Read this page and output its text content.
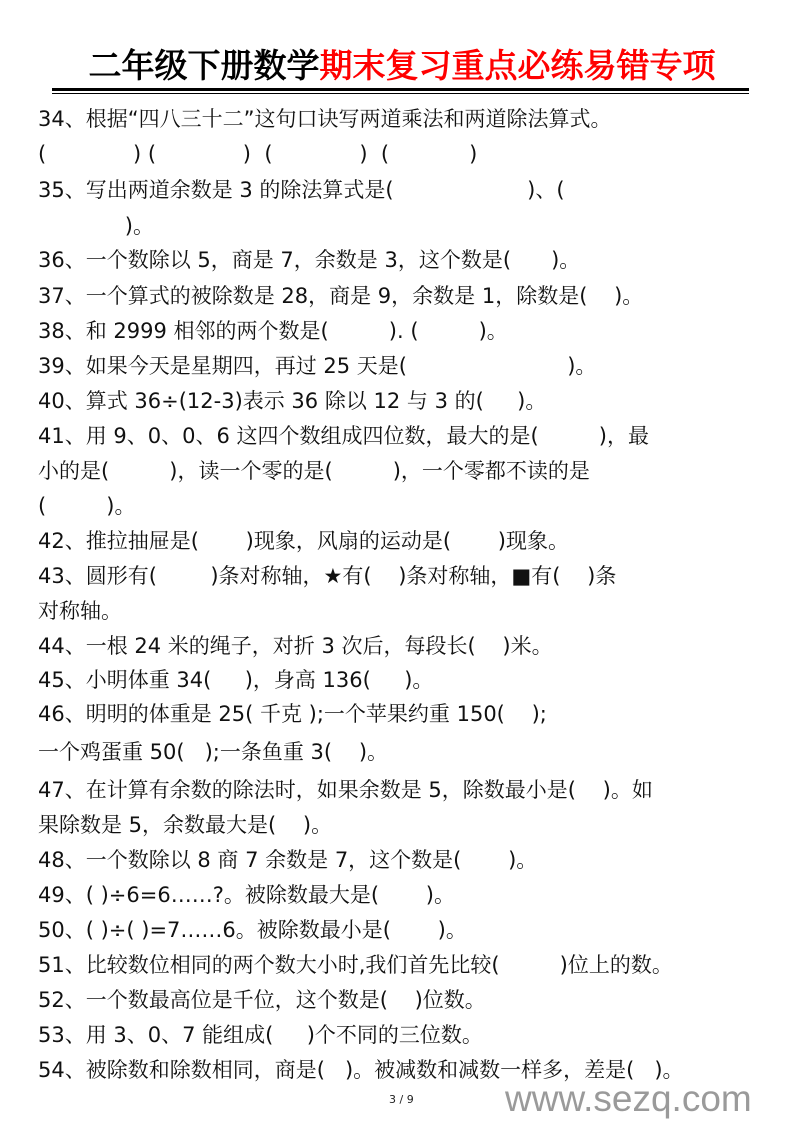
二年级下册数学期末复习重点必练易错专项
34、根据“四八三十二”这句口诀写两道乘法和两道除法算式。
(             ) (             )  (             )  (            )
35、写出两道余数是 3 的除法算式是(                    )、(
)。
36、一个数除以 5，商是 7，余数是 3，这个数是(      )。
37、一个算式的被除数是 28，商是 9，余数是 1，除数是(    )。
38、和 2999 相邻的两个数是(         ). (         )。
39、如果今天是星期四，再过 25 天是(                        )。
40、算式 36÷(12-3)表示 36 除以 12 与 3 的(     )。
41、用 9、0、0、6 这四个数组成四位数，最大的是(         )，最
小的是(         )，读一个零的是(         )，一个零都不读的是
(         )。
42、推拉抽屉是(       )现象，风扇的运动是(       )现象。
43、圆形有(        )条对称轴，★有(    )条对称轴，■有(    )条
对称轴。
44、一根 24 米的绳子，对折 3 次后，每段长(    )米。
45、小明体重 34(     )，身高 136(     )。
46、明明的体重是 25( 千克 );一个苹果约重 150(    );
一个鸡蛋重 50(   );一条鱼重 3(    )。
47、在计算有余数的除法时，如果余数是 5，除数最小是(    )。如
果除数是 5，余数最大是(    )。
48、一个数除以 8 商 7 余数是 7，这个数是(       )。
49、( )÷6=6……?。被除数最大是(       )。
50、( )÷( )=7……6。被除数最小是(       )。
51、比较数位相同的两个数大小时,我们首先比较(         )位上的数。
52、一个数最高位是千位，这个数是(    )位数。
53、用 3、0、7 能组成(     )个不同的三位数。
54、被除数和除数相同，商是(   )。被减数和减数一样多，差是(   )。
3 / 9 www.sezq.com
